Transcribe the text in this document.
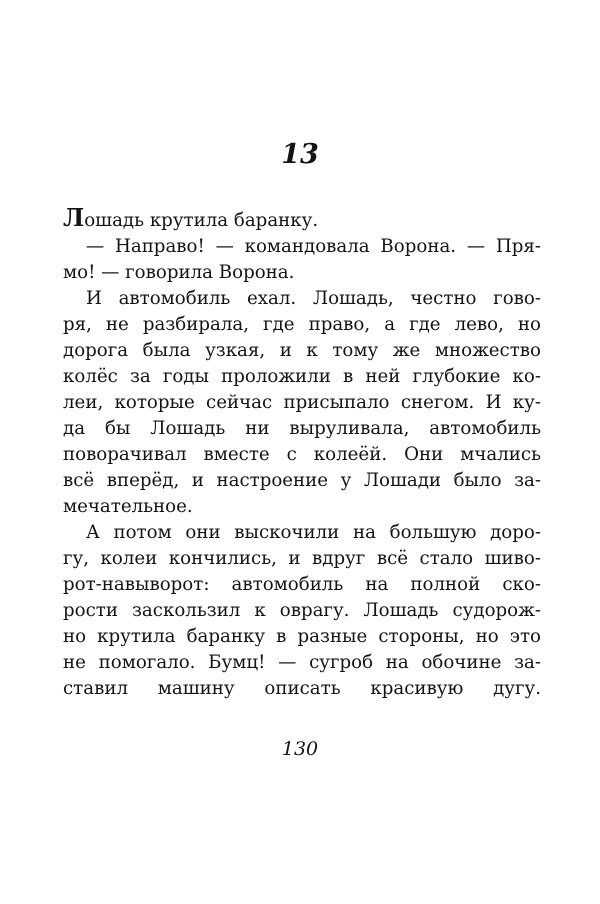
13
Лошадь крутила баранку.
— Направо! — командовала Ворона. — Пря-
мо! — говорила Ворона.
И автомобиль ехал. Лошадь, честно гово-
ря, не разбирала, где право, а где лево, но
дорога была узкая, и к тому же множество
колёс за годы проложили в ней глубокие ко-
леи, которые сейчас присыпало снегом. И ку-
да бы Лошадь ни выруливала, автомобиль
поворачивал вместе с колеёй. Они мчались
всё вперёд, и настроение у Лошади было за-
мечательное.
А потом они выскочили на большую доро-
гу, колеи кончились, и вдруг всё стало шиво-
рот-навыворот: автомобиль на полной ско-
рости заскользил к оврагу. Лошадь судорож-
но крутила баранку в разные стороны, но это
не помогало. Бумц! — сугроб на обочине за-
ставил машину описать красивую дугу.
130
